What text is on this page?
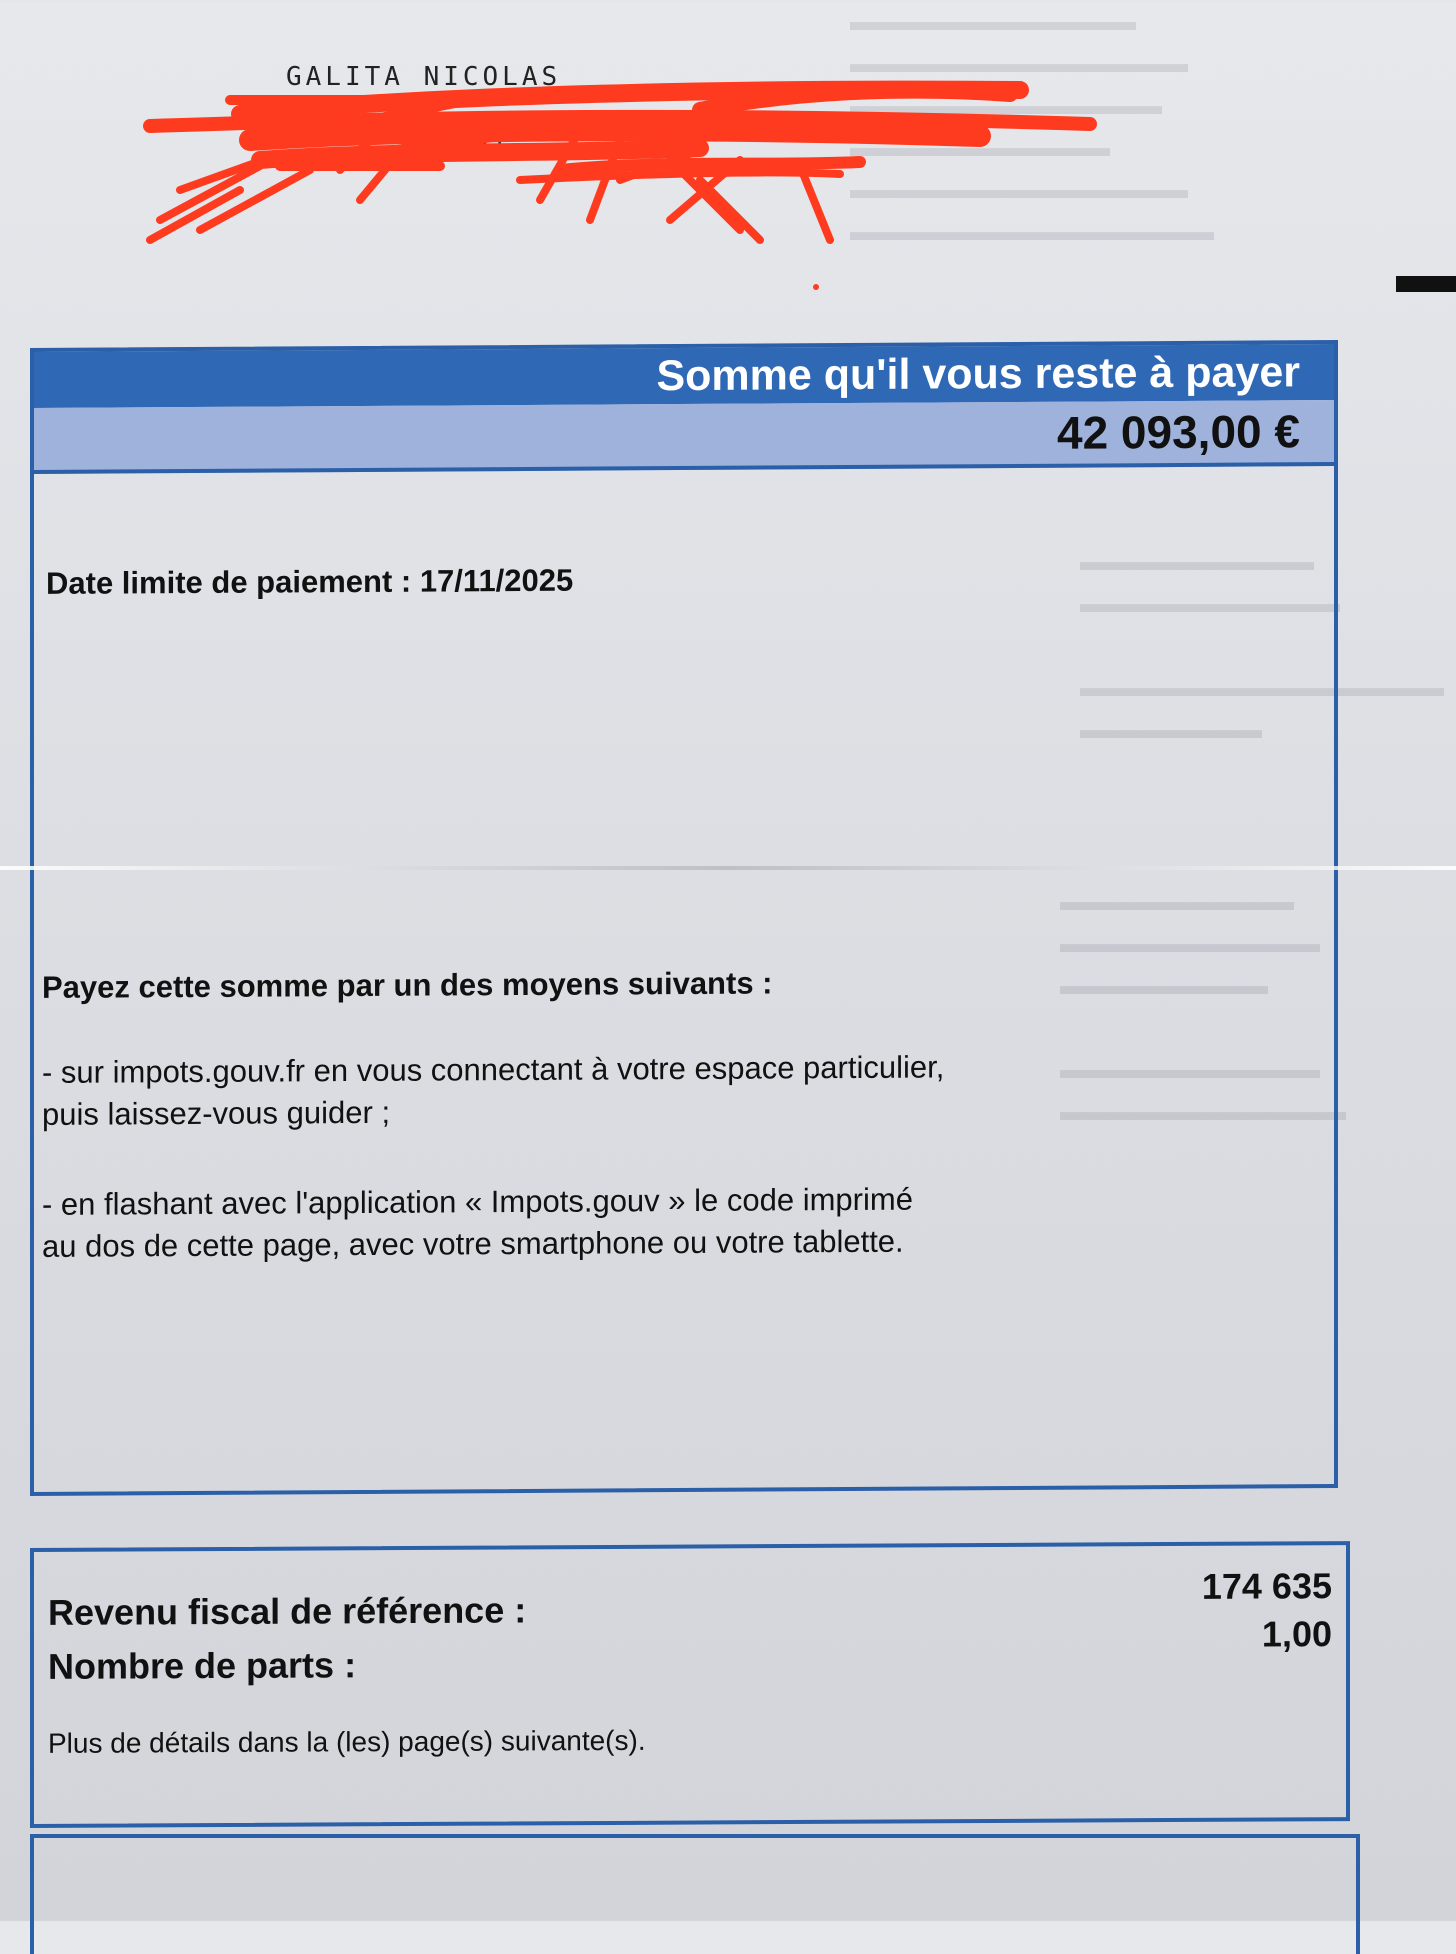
▬▬▬▬▬▬▬▬▬▬▬
▬▬▬▬▬▬▬▬▬▬▬▬▬
▬▬▬▬▬▬▬▬▬▬▬▬
▬▬▬▬▬▬▬▬▬▬
▬▬▬▬▬▬▬▬▬▬▬▬▬
▬▬▬▬▬▬▬▬▬▬▬▬▬▬
▬▬▬▬▬▬▬▬▬
▬▬▬▬▬▬▬▬▬▬

▬▬▬▬▬▬▬▬▬▬▬▬▬▬
▬▬▬▬▬▬▬
▬▬▬▬▬▬▬▬▬
▬▬▬▬▬▬▬▬▬▬
▬▬▬▬▬▬▬▬

▬▬▬▬▬▬▬▬▬▬
▬▬▬▬▬▬▬▬▬▬▬
GALITA NICOLAS
PARIS
Somme qu'il vous reste à payer
42 093,00 €
Date limite de paiement : 17/11/2025
Payez cette somme par un des moyens suivants :
- sur impots.gouv.fr en vous connectant à votre espace particulier,
puis laissez-vous guider ;
- en flashant avec l'application « Impots.gouv » le code imprimé
au dos de cette page, avec votre smartphone ou votre tablette.
Revenu fiscal de référence :
174 635
Nombre de parts :
1,00
Plus de détails dans la (les) page(s) suivante(s).
